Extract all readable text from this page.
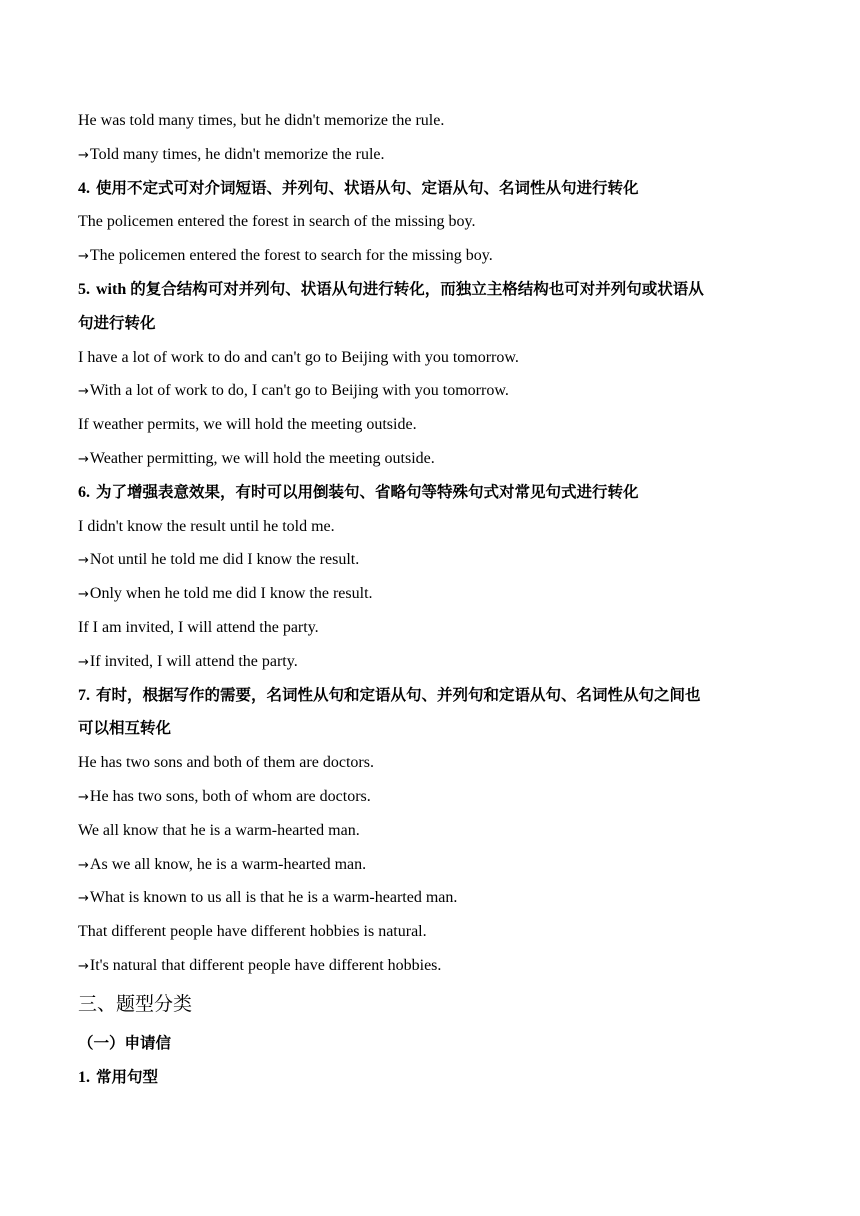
He was told many times, but he didn't memorize the rule.
→Told many times, he didn't memorize the rule.
4. 使用不定式可对介词短语、并列句、状语从句、定语从句、名词性从句进行转化
The policemen entered the forest in search of the missing boy.
→The policemen entered the forest to search for the missing boy.
5. with 的复合结构可对并列句、状语从句进行转化，而独立主格结构也可对并列句或状语从
句进行转化
I have a lot of work to do and can't go to Beijing with you tomorrow.
→With a lot of work to do, I can't go to Beijing with you tomorrow.
If weather permits, we will hold the meeting outside.
→Weather permitting, we will hold the meeting outside.
6. 为了增强表意效果，有时可以用倒装句、省略句等特殊句式对常见句式进行转化
I didn't know the result until he told me.
→Not until he told me did I know the result.
→Only when he told me did I know the result.
If I am invited, I will attend the party.
→If invited, I will attend the party.
7. 有时，根据写作的需要，名词性从句和定语从句、并列句和定语从句、名词性从句之间也
可以相互转化
He has two sons and both of them are doctors.
→He has two sons, both of whom are doctors.
We all know that he is a warm-hearted man.
→As we all know, he is a warm-hearted man.
→What is known to us all is that he is a warm-hearted man.
That different people have different hobbies is natural.
→It's natural that different people have different hobbies.
三、题型分类
（一）申请信
1. 常用句型
